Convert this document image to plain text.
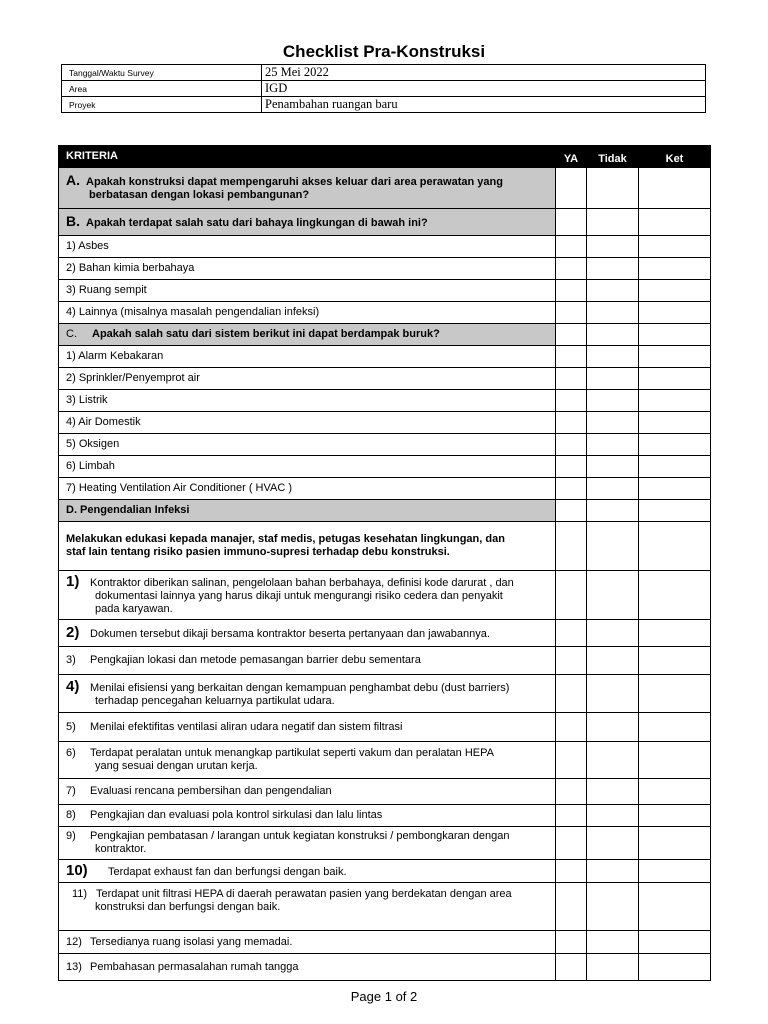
Checklist Pra-Konstruksi
Tanggal/Waktu Survey	25 Mei 2022
Area	IGD
Proyek	Penambahan ruangan baru
KRITERIA	YA	Tidak	Ket
A. Apakah konstruksi dapat mempengaruhi akses keluar dari area perawatan yang

berbatasan dengan lokasi pembangunan?			

B. Apakah terdapat salah satu dari bahaya lingkungan di bawah ini?			
1) Asbes			
2) Bahan kimia berbahaya			
3) Ruang sempit			
4) Lainnya (misalnya masalah pengendalian infeksi)			
C. Apakah salah satu dari sistem berikut ini dapat berdampak buruk?			
1) Alarm Kebakaran			
2) Sprinkler/Penyemprot air			
3) Listrik			
4) Air Domestik			
5) Oksigen			
6) Limbah			
7) Heating Ventilation Air Conditioner ( HVAC )			
D. Pengendalian Infeksi			
Melakukan edukasi kepada manajer, staf medis, petugas kesehatan lingkungan, dan
staf lain tentang risiko pasien immuno-supresi terhadap debu konstruksi.			
1) Kontraktor diberikan salinan, pengelolaan bahan berbahaya, definisi kode darurat , dan
dokumentasi lainnya yang harus dikaji untuk mengurangi risiko cedera dan penyakit
pada karyawan.			

2) Dokumen tersebut dikaji bersama kontraktor beserta pertanyaan dan jawabannya.			
3) Pengkajian lokasi dan metode pemasangan barrier debu sementara			
4) Menilai efisiensi yang berkaitan dengan kemampuan penghambat debu (dust barriers)
terhadap pencegahan keluarnya partikulat udara.			

5) Menilai efektifitas ventilasi aliran udara negatif dan sistem filtrasi			
6) Terdapat peralatan untuk menangkap partikulat seperti vakum dan peralatan HEPA
yang sesuai dengan urutan kerja.			

7) Evaluasi rencana pembersihan dan pengendalian			
8) Pengkajian dan evaluasi pola kontrol sirkulasi dan lalu lintas			
9) Pengkajian pembatasan / larangan untuk kegiatan konstruksi / pembongkaran dengan
kontraktor.			

10) Terdapat exhaust fan dan berfungsi dengan baik.			
11) Terdapat unit filtrasi HEPA di daerah perawatan pasien yang berdekatan dengan area
konstruksi dan berfungsi dengan baik.			

12) Tersedianya ruang isolasi yang memadai.			
13) Pembahasan permasalahan rumah tangga			
Page 1 of 2
